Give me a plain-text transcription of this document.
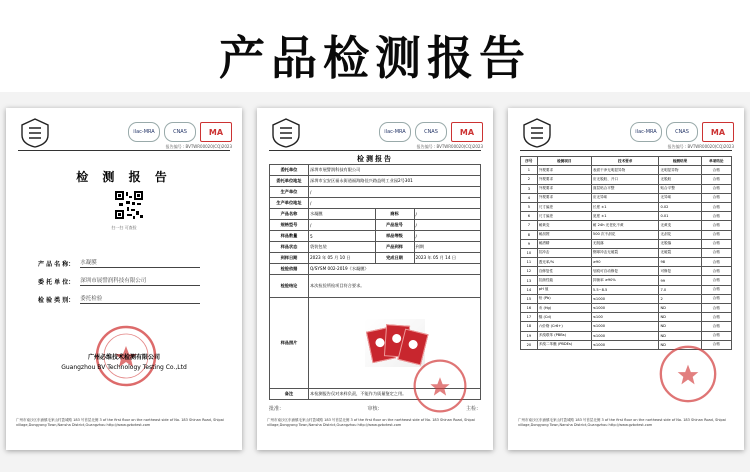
产品检测报告
ilac-MRA	CNAS	MA
报告编号 : BVTWR00020(CQ)2023
检 测 报 告
扫一扫 可查验
产 品 名 称： 水凝膜
委 托 单 位： 深圳市展譬润科技有限公司
检 验 类 别： 委托检验
广州必维技术检测有限公司
Guangzhou BV Technology Testing Co.,Ltd
广州市南沙区东涌镇毛家山村盈城路 183 号首层北侧 3 of the first floor on the northeast side of No. 183 Shinan Road, Shipai village,Dongyong Town,Nansha District,Guangzhou http://www.gzbvtest.com
ilac-MRA	CNAS	MA
报告编号 : BVTWR00020(CQ)2023
检测报告
委托单位	深圳市展譬润科技有限公司		
委托单位地址	深圳市宝安区福永街道福海路佳兴路益明工业园2号301		
生产单位	/		
生产单位地址	/		
产品名称	水凝膜	商标	/
规格型号	/	产品批号	/
样品数量	5	样品等级	/
样品状态	袋装包装	产品到样	到期
到样日期	2023 年 05 月 10 日	完成日期	2023 年 05 月 14 日
检验依据	Q/SYSM 002-2019《水凝膜》		
检验结论	本次检验所检项目符合要求。		
样品照片			

备注	本检测报告仅对来样负责，不能作为质量鉴定之用。		
批准：	审核：	主检：
广州市南沙区东涌镇毛家山村盈城路 183 号首层北侧 3 of the first floor on the northeast side of No. 183 Shinan Road, Shipai village,Dongyong Town,Nansha District,Guangzhou http://www.gzbvtest.com
ilac-MRA	CNAS	MA
报告编号 : BVTWR00020(CQ)2023
序号	检测项目	技术要求	检测结果	单项结论
1	外观要求	表面干净无明显异物	无明显异物	合格
2	外观要求	应无脱胶、开口	无脱胶	合格
3	外观要求	面层贴合平整	贴合平整	合格
4	外观要求	应无异味	无异味	合格
5	尺寸偏差	长度 ±1	0.02	合格
6	尺寸偏差	宽度 ±1	0.01	合格
7	耐黄变	耐 24h 光老化不黄	无黄变	合格
8	耐刮擦	500 次不刮花	无刮花	合格
9	耐酒精	无脱落	无脱落	合格
10	抗冲击	钢球冲击无破裂	无破裂	合格
11	透光率/%	≥90	98	合格
12	自修复性	划痕可自动修复	可修复	合格
13	抗菌性能	抑菌率 ≥90%	99	合格
14	pH 值	5.5~8.5	7.0	合格
15	铅 (Pb)	≤1000	2	合格
16	汞 (Hg)	≤1000	ND	合格
17	镉 (Cd)	≤100	ND	合格
18	六价铬 (Cr6+)	≤1000	ND	合格
19	多溴联苯 (PBBs)	≤1000	ND	合格
20	多溴二苯醚 (PBDEs)	≤1000	ND	合格
广州市南沙区东涌镇毛家山村盈城路 183 号首层北侧 3 of the first floor on the northeast side of No. 183 Shinan Road, Shipai village,Dongyong Town,Nansha District,Guangzhou http://www.gzbvtest.com
